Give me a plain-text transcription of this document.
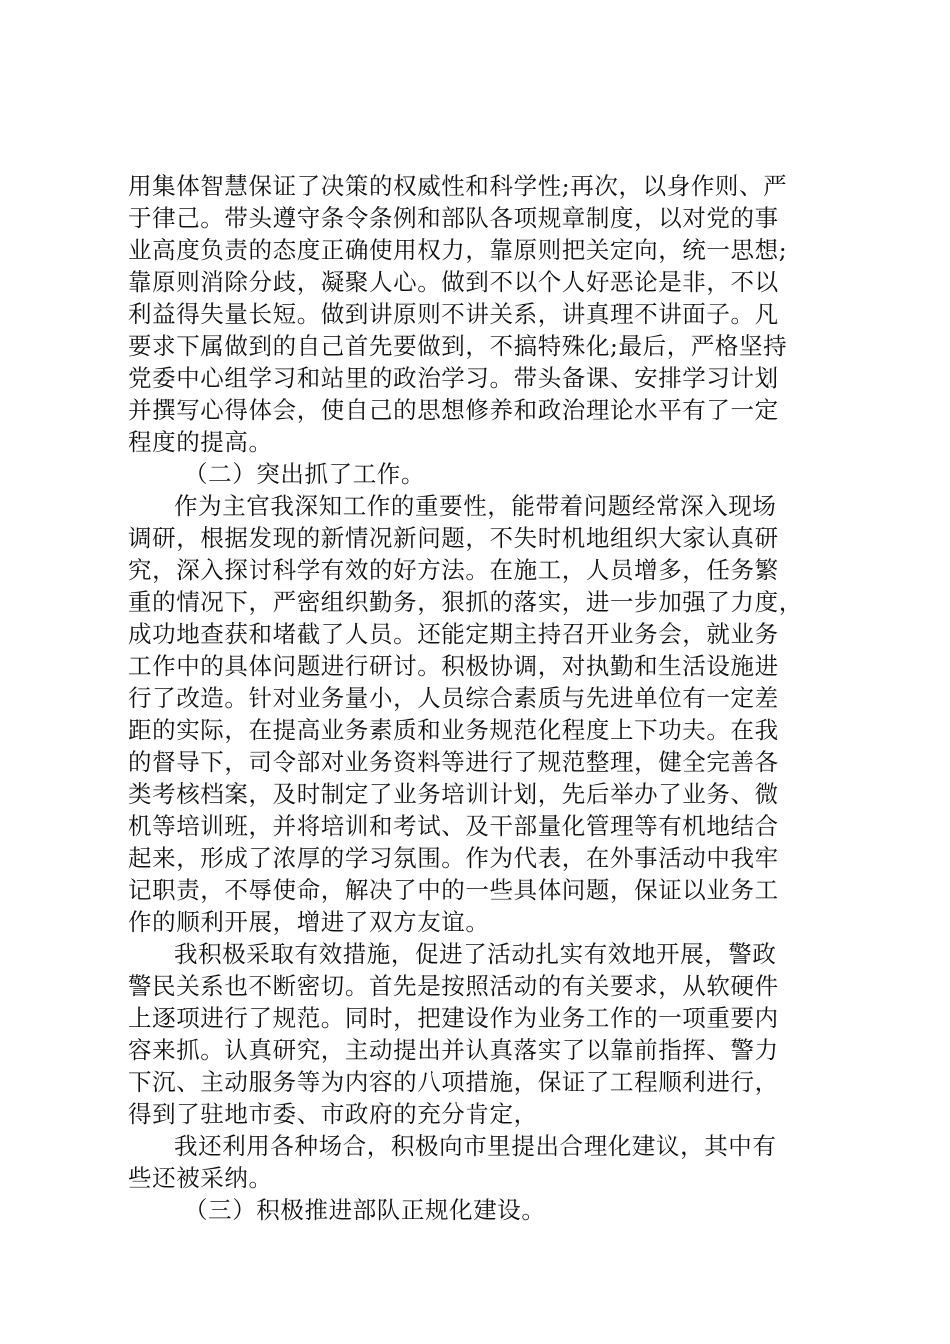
用集体智慧保证了决策的权威性和科学性;再次，以身作则、严
于律己。带头遵守条令条例和部队各项规章制度，以对党的事
业高度负责的态度正确使用权力，靠原则把关定向，统一思想;
靠原则消除分歧，凝聚人心。做到不以个人好恶论是非，不以
利益得失量长短。做到讲原则不讲关系，讲真理不讲面子。凡
要求下属做到的自己首先要做到，不搞特殊化;最后，严格坚持
党委中心组学习和站里的政治学习。带头备课、安排学习计划
并撰写心得体会，使自己的思想修养和政治理论水平有了一定
程度的提高。
（二）突出抓了工作。
作为主官我深知工作的重要性，能带着问题经常深入现场
调研，根据发现的新情况新问题，不失时机地组织大家认真研
究，深入探讨科学有效的好方法。在施工，人员增多，任务繁
重的情况下，严密组织勤务，狠抓的落实，进一步加强了力度，
成功地查获和堵截了人员。还能定期主持召开业务会，就业务
工作中的具体问题进行研讨。积极协调，对执勤和生活设施进
行了改造。针对业务量小，人员综合素质与先进单位有一定差
距的实际，在提高业务素质和业务规范化程度上下功夫。在我
的督导下，司令部对业务资料等进行了规范整理，健全完善各
类考核档案，及时制定了业务培训计划，先后举办了业务、微
机等培训班，并将培训和考试、及干部量化管理等有机地结合
起来，形成了浓厚的学习氛围。作为代表，在外事活动中我牢
记职责，不辱使命，解决了中的一些具体问题，保证以业务工
作的顺利开展，增进了双方友谊。
我积极采取有效措施，促进了活动扎实有效地开展，警政
警民关系也不断密切。首先是按照活动的有关要求，从软硬件
上逐项进行了规范。同时，把建设作为业务工作的一项重要内
容来抓。认真研究，主动提出并认真落实了以靠前指挥、警力
下沉、主动服务等为内容的八项措施，保证了工程顺利进行，
得到了驻地市委、市政府的充分肯定，
我还利用各种场合，积极向市里提出合理化建议，其中有
些还被采纳。
（三）积极推进部队正规化建设。
